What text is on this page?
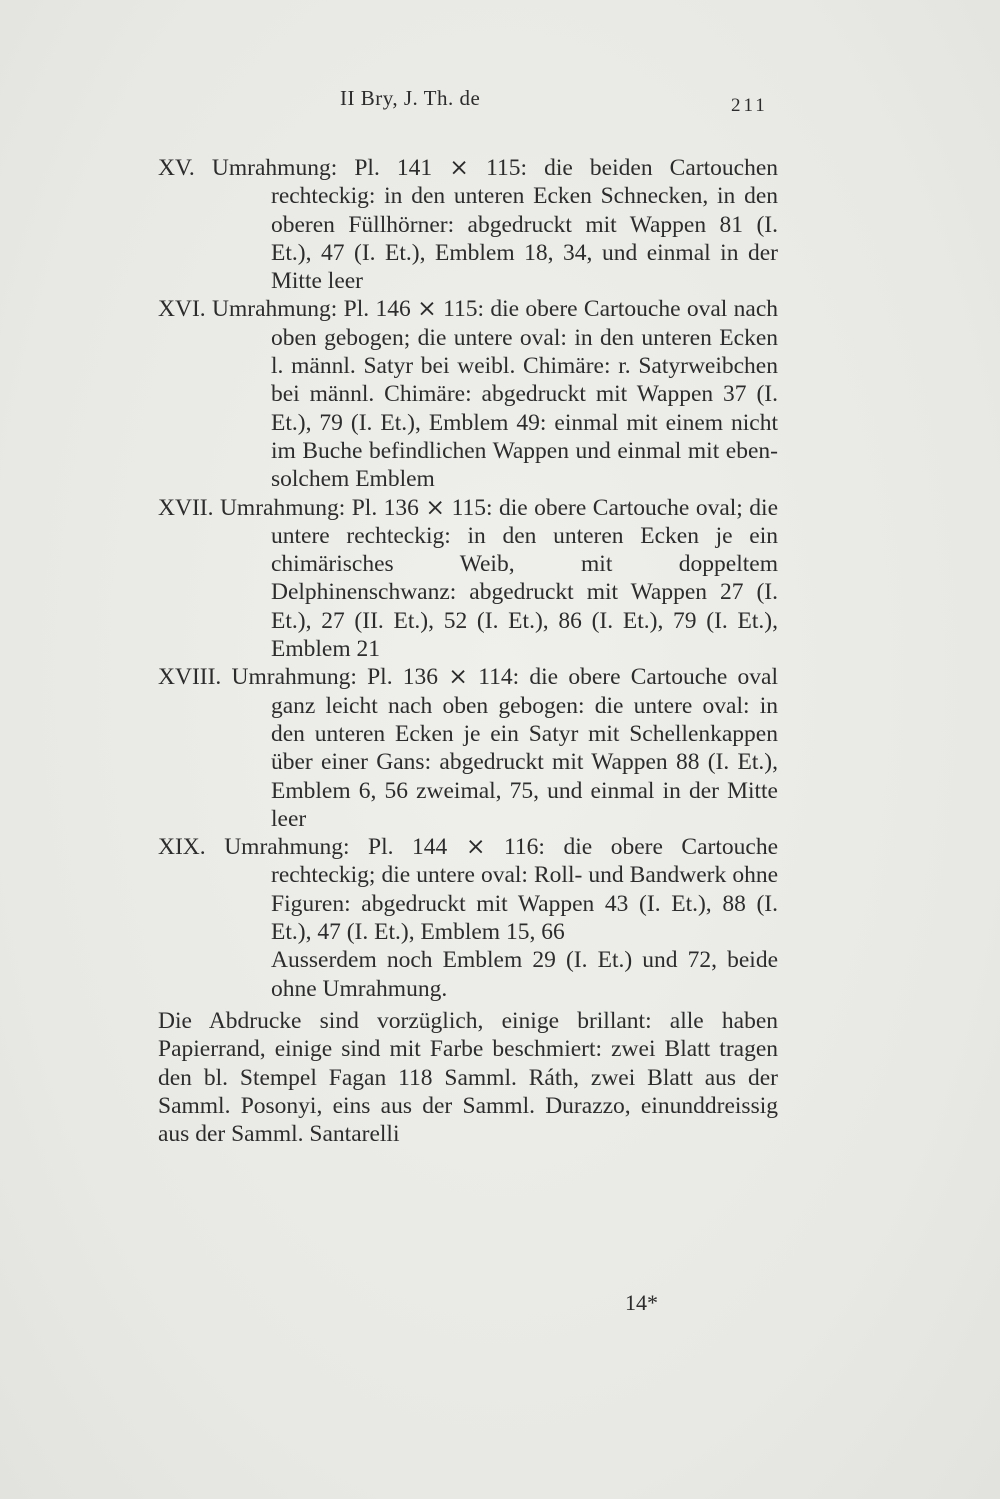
II Bry, J. Th. de	211
XV. Umrahmung: Pl. 141 ⨯ 115: die beiden Cartouchen rechteckig: in den unteren Ecken Schnecken, in den oberen Füllhörner: abgedruckt mit Wappen 81 (I. Et.), 47 (I. Et.), Emblem 18, 34, und einmal in der Mitte leer
XVI. Umrahmung: Pl. 146 ⨯ 115: die obere Cartouche oval nach oben gebogen; die untere oval: in den unteren Ecken l. männl. Satyr bei weibl. Chimäre: r. Satyrweibchen bei männl. Chimäre: abgedruckt mit Wappen 37 (I. Et.), 79 (I. Et.), Emblem 49: einmal mit einem nicht im Buche befindlichen Wappen und einmal mit ebensolchem Emblem
XVII. Umrahmung: Pl. 136 ⨯ 115: die obere Cartouche oval; die untere rechteckig: in den unteren Ecken je ein chimärisches Weib, mit doppeltem Delphinenschwanz: abgedruckt mit Wappen 27 (I. Et.), 27 (II. Et.), 52 (I. Et.), 86 (I. Et.), 79 (I. Et.), Emblem 21
XVIII. Umrahmung: Pl. 136 ⨯ 114: die obere Cartouche oval ganz leicht nach oben gebogen: die untere oval: in den unteren Ecken je ein Satyr mit Schellenkappen über einer Gans: abgedruckt mit Wappen 88 (I. Et.), Emblem 6, 56 zweimal, 75, und einmal in der Mitte leer
XIX. Umrahmung: Pl. 144 ⨯ 116: die obere Cartouche rechteckig; die untere oval: Roll- und Bandwerk ohne Figuren: abgedruckt mit Wappen 43 (I. Et.), 88 (I. Et.), 47 (I. Et.), Emblem 15, 66
Ausserdem noch Emblem 29 (I. Et.) und 72, beide ohne Umrahmung.
Die Abdrucke sind vorzüglich, einige brillant: alle haben Papierrand, einige sind mit Farbe beschmiert: zwei Blatt tragen den bl. Stempel Fagan 118 Samml. Ráth, zwei Blatt aus der Samml. Posonyi, eins aus der Samml. Durazzo, einunddreissig aus der Samml. Santarelli
14*
